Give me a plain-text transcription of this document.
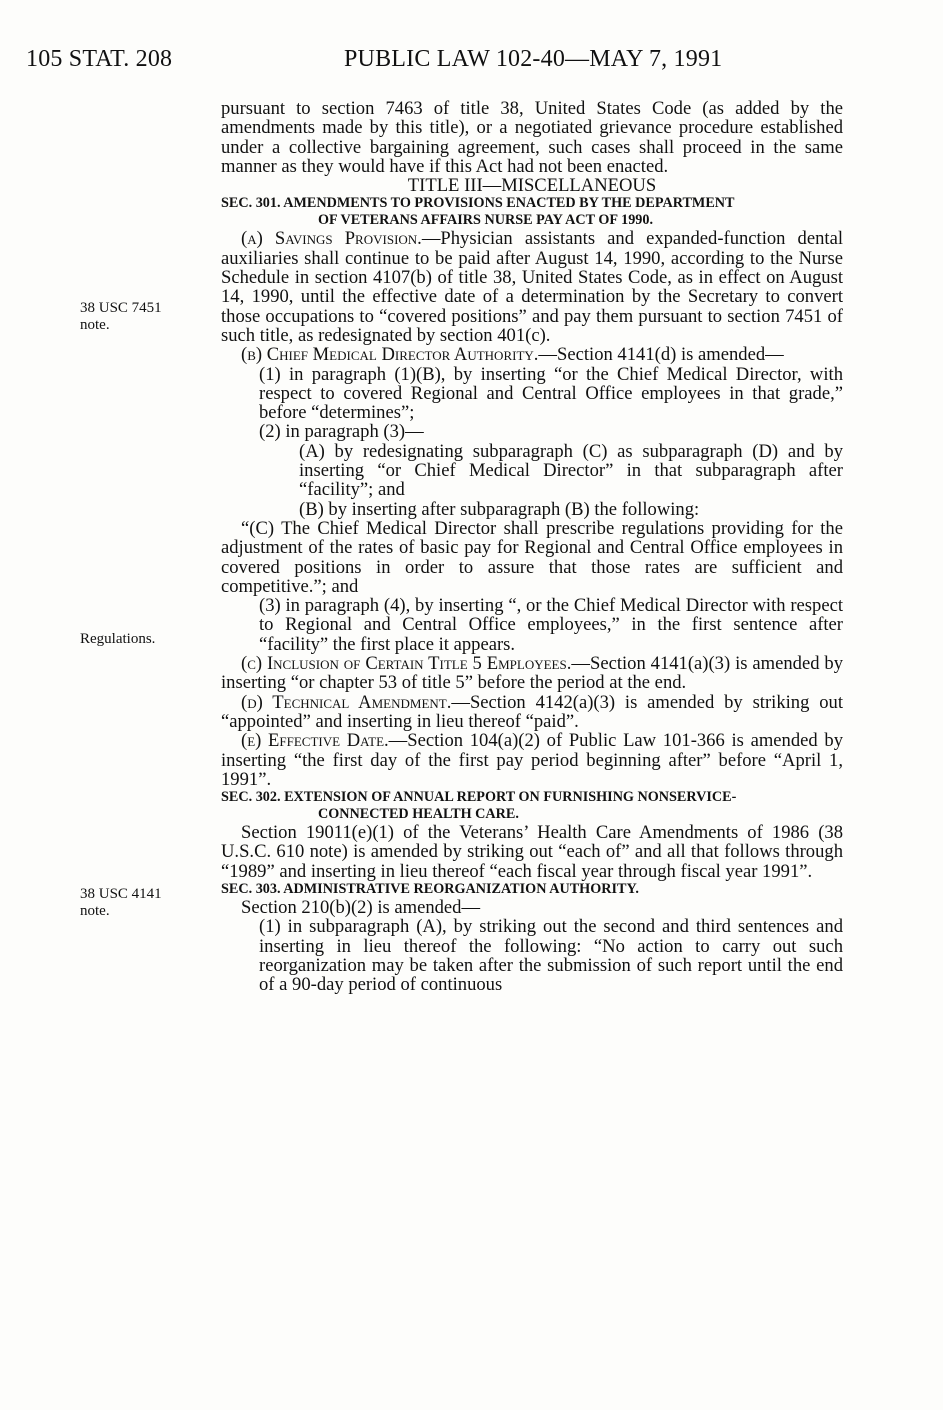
105 STAT. 208	PUBLIC LAW 102-40—MAY 7, 1991
38 USC 7451
note.
Regulations.
38 USC 4141
note.

pursuant to section 7463 of title 38, United States Code (as added by the amendments made by this title), or a negotiated grievance procedure established under a collective bargaining agreement, such cases shall proceed in the same manner as they would have if this Act had not been enacted.

TITLE III—MISCELLANEOUS

SEC. 301. AMENDMENTS TO PROVISIONS ENACTED BY THE DEPARTMENT
OF VETERANS AFFAIRS NURSE PAY ACT OF 1990.

(a) Savings Provision.—Physician assistants and expanded-function dental auxiliaries shall continue to be paid after August 14, 1990, according to the Nurse Schedule in section 4107(b) of title 38, United States Code, as in effect on August 14, 1990, until the effective date of a determination by the Secretary to convert those occupations to “covered positions” and pay them pursuant to section 7451 of such title, as redesignated by section 401(c).

(b) Chief Medical Director Authority.—Section 4141(d) is amended—

(1) in paragraph (1)(B), by inserting “or the Chief Medical Director, with respect to covered Regional and Central Office employees in that grade,” before “determines”;

(2) in paragraph (3)—

(A) by redesignating subparagraph (C) as subparagraph (D) and by inserting “or Chief Medical Director” in that subparagraph after “facility”; and

(B) by inserting after subparagraph (B) the following:

“(C) The Chief Medical Director shall prescribe regulations providing for the adjustment of the rates of basic pay for Regional and Central Office employees in covered positions in order to assure that those rates are sufficient and competitive.”; and

(3) in paragraph (4), by inserting “, or the Chief Medical Director with respect to Regional and Central Office employees,” in the first sentence after “facility” the first place it appears.

(c) Inclusion of Certain Title 5 Employees.—Section 4141(a)(3) is amended by inserting “or chapter 53 of title 5” before the period at the end.

(d) Technical Amendment.—Section 4142(a)(3) is amended by striking out “appointed” and inserting in lieu thereof “paid”.

(e) Effective Date.—Section 104(a)(2) of Public Law 101-366 is amended by inserting “the first day of the first pay period beginning after” before “April 1, 1991”.

SEC. 302. EXTENSION OF ANNUAL REPORT ON FURNISHING NONSERVICE-
CONNECTED HEALTH CARE.

Section 19011(e)(1) of the Veterans’ Health Care Amendments of 1986 (38 U.S.C. 610 note) is amended by striking out “each of” and all that follows through “1989” and inserting in lieu thereof “each fiscal year through fiscal year 1991”.

SEC. 303. ADMINISTRATIVE REORGANIZATION AUTHORITY.

Section 210(b)(2) is amended—

(1) in subparagraph (A), by striking out the second and third sentences and inserting in lieu thereof the following: “No action to carry out such reorganization may be taken after the submission of such report until the end of a 90-day period of continuous
